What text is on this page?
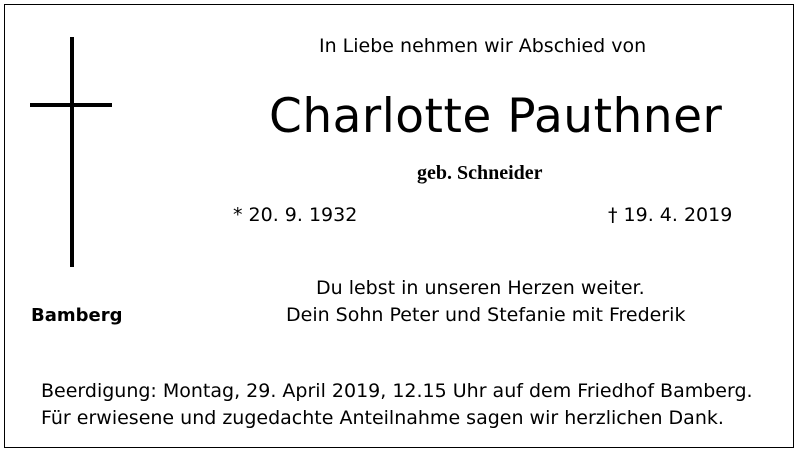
In Liebe nehmen wir Abschied von
Charlotte Pauthner
geb. Schneider
* 20. 9. 1932	† 19. 4. 2019
Du lebst in unseren Herzen weiter.
Dein Sohn Peter und Stefanie mit Frederik
Bamberg
Beerdigung: Montag, 29. April 2019, 12.15 Uhr auf dem Friedhof Bamberg.
Für erwiesene und zugedachte Anteilnahme sagen wir herzlichen Dank.
